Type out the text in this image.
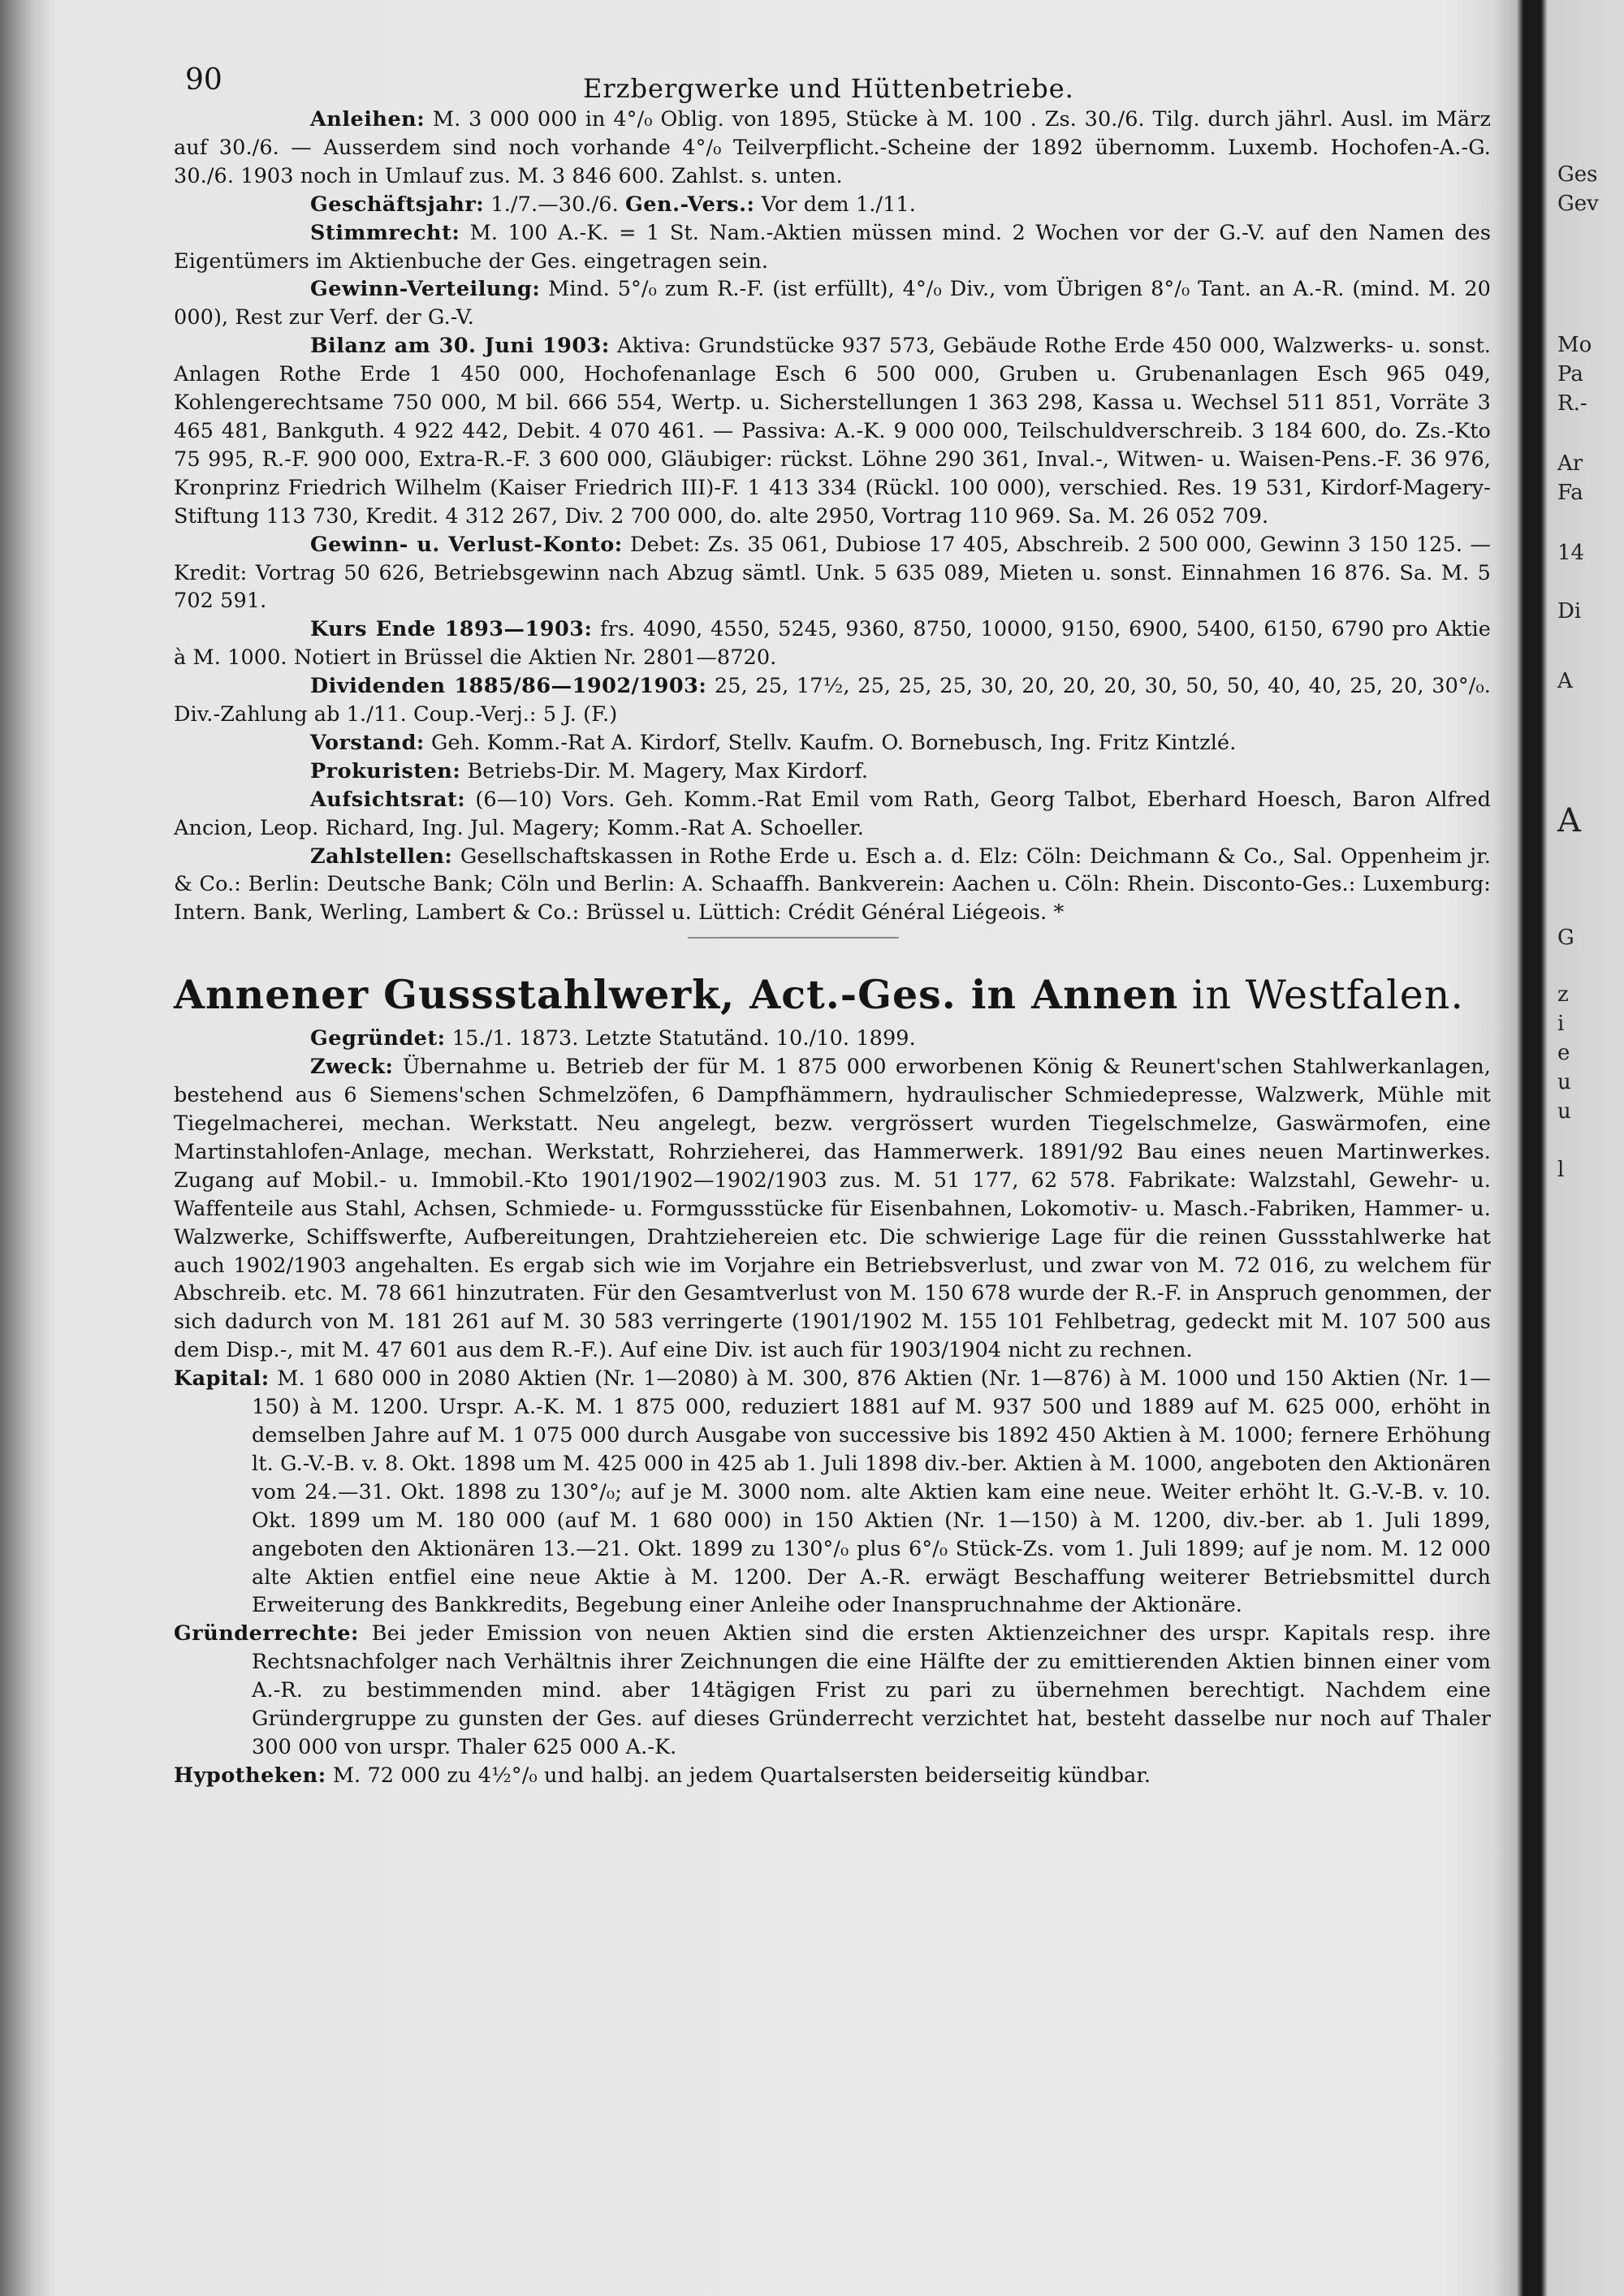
90	Erzbergwerke und Hüttenbetriebe.

Anleihen: M. 3 000 000 in 4°/₀ Oblig. von 1895, Stücke à M. 100 . Zs. 30./6. Tilg. durch jährl. Ausl. im März auf 30./6. — Ausserdem sind noch vorhande 4°/₀ Teilverpflicht.-Scheine der 1892 übernomm. Luxemb. Hochofen-A.-G. 30./6. 1903 noch in Umlauf zus. M. 3 846 600. Zahlst. s. unten.

Geschäftsjahr: 1./7.—30./6. Gen.-Vers.: Vor dem 1./11.

Stimmrecht: M. 100 A.-K. = 1 St. Nam.-Aktien müssen mind. 2 Wochen vor der G.-V. auf den Namen des Eigentümers im Aktienbuche der Ges. eingetragen sein.

Gewinn-Verteilung: Mind. 5°/₀ zum R.-F. (ist erfüllt), 4°/₀ Div., vom Übrigen 8°/₀ Tant. an A.-R. (mind. M. 20 000), Rest zur Verf. der G.-V.

Bilanz am 30. Juni 1903: Aktiva: Grundstücke 937 573, Gebäude Rothe Erde 450 000, Walzwerks- u. sonst. Anlagen Rothe Erde 1 450 000, Hochofenanlage Esch 6 500 000, Gruben u. Grubenanlagen Esch 965 049, Kohlengerechtsame 750 000, M bil. 666 554, Wertp. u. Sicherstellungen 1 363 298, Kassa u. Wechsel 511 851, Vorräte 3 465 481, Bankguth. 4 922 442, Debit. 4 070 461. — Passiva: A.-K. 9 000 000, Teilschuldverschreib. 3 184 600, do. Zs.-Kto 75 995, R.-F. 900 000, Extra-R.-F. 3 600 000, Gläubiger: rückst. Löhne 290 361, Inval.-, Witwen- u. Waisen-Pens.-F. 36 976, Kronprinz Friedrich Wilhelm (Kaiser Friedrich III)-F. 1 413 334 (Rückl. 100 000), verschied. Res. 19 531, Kirdorf-Magery-Stiftung 113 730, Kredit. 4 312 267, Div. 2 700 000, do. alte 2950, Vortrag 110 969. Sa. M. 26 052 709.

Gewinn- u. Verlust-Konto: Debet: Zs. 35 061, Dubiose 17 405, Abschreib. 2 500 000, Gewinn 3 150 125. — Kredit: Vortrag 50 626, Betriebsgewinn nach Abzug sämtl. Unk. 5 635 089, Mieten u. sonst. Einnahmen 16 876. Sa. M. 5 702 591.

Kurs Ende 1893—1903: frs. 4090, 4550, 5245, 9360, 8750, 10000, 9150, 6900, 5400, 6150, 6790 pro Aktie à M. 1000. Notiert in Brüssel die Aktien Nr. 2801—8720.

Dividenden 1885/86—1902/1903: 25, 25, 17½, 25, 25, 25, 30, 20, 20, 20, 30, 50, 50, 40, 40, 25, 20, 30°/₀. Div.-Zahlung ab 1./11. Coup.-Verj.: 5 J. (F.)

Vorstand: Geh. Komm.-Rat A. Kirdorf, Stellv. Kaufm. O. Bornebusch, Ing. Fritz Kintzlé.

Prokuristen: Betriebs-Dir. M. Magery, Max Kirdorf.

Aufsichtsrat: (6—10) Vors. Geh. Komm.-Rat Emil vom Rath, Georg Talbot, Eberhard Hoesch, Baron Alfred Ancion, Leop. Richard, Ing. Jul. Magery; Komm.-Rat A. Schoeller.

Zahlstellen: Gesellschaftskassen in Rothe Erde u. Esch a. d. Elz: Cöln: Deichmann & Co., Sal. Oppenheim jr. & Co.: Berlin: Deutsche Bank; Cöln und Berlin: A. Schaaffh. Bankverein: Aachen u. Cöln: Rhein. Disconto-Ges.: Luxemburg: Intern. Bank, Werling, Lambert & Co.: Brüssel u. Lüttich: Crédit Général Liégeois. *

Annener Gussstahlwerk, Act.-Ges. in Annen in Westfalen.

Gegründet: 15./1. 1873. Letzte Statutänd. 10./10. 1899.

Zweck: Übernahme u. Betrieb der für M. 1 875 000 erworbenen König & Reunert'schen Stahlwerkanlagen, bestehend aus 6 Siemens'schen Schmelzöfen, 6 Dampfhämmern, hydraulischer Schmiedepresse, Walzwerk, Mühle mit Tiegelmacherei, mechan. Werkstatt. Neu angelegt, bezw. vergrössert wurden Tiegelschmelze, Gaswärmofen, eine Martinstahlofen-Anlage, mechan. Werkstatt, Rohrzieherei, das Hammerwerk. 1891/92 Bau eines neuen Martinwerkes. Zugang auf Mobil.- u. Immobil.-Kto 1901/1902—1902/1903 zus. M. 51 177, 62 578. Fabrikate: Walzstahl, Gewehr- u. Waffenteile aus Stahl, Achsen, Schmiede- u. Formgussstücke für Eisenbahnen, Lokomotiv- u. Masch.-Fabriken, Hammer- u. Walzwerke, Schiffswerfte, Aufbereitungen, Drahtziehereien etc. Die schwierige Lage für die reinen Gussstahlwerke hat auch 1902/1903 angehalten. Es ergab sich wie im Vorjahre ein Betriebsverlust, und zwar von M. 72 016, zu welchem für Abschreib. etc. M. 78 661 hinzutraten. Für den Gesamtverlust von M. 150 678 wurde der R.-F. in Anspruch genommen, der sich dadurch von M. 181 261 auf M. 30 583 verringerte (1901/1902 M. 155 101 Fehlbetrag, gedeckt mit M. 107 500 aus dem Disp.-, mit M. 47 601 aus dem R.-F.). Auf eine Div. ist auch für 1903/1904 nicht zu rechnen.

Kapital: M. 1 680 000 in 2080 Aktien (Nr. 1—2080) à M. 300, 876 Aktien (Nr. 1—876) à M. 1000 und 150 Aktien (Nr. 1—150) à M. 1200. Urspr. A.-K. M. 1 875 000, reduziert 1881 auf M. 937 500 und 1889 auf M. 625 000, erhöht in demselben Jahre auf M. 1 075 000 durch Ausgabe von successive bis 1892 450 Aktien à M. 1000; fernere Erhöhung lt. G.-V.-B. v. 8. Okt. 1898 um M. 425 000 in 425 ab 1. Juli 1898 div.-ber. Aktien à M. 1000, angeboten den Aktionären vom 24.—31. Okt. 1898 zu 130°/₀; auf je M. 3000 nom. alte Aktien kam eine neue. Weiter erhöht lt. G.-V.-B. v. 10. Okt. 1899 um M. 180 000 (auf M. 1 680 000) in 150 Aktien (Nr. 1—150) à M. 1200, div.-ber. ab 1. Juli 1899, angeboten den Aktionären 13.—21. Okt. 1899 zu 130°/₀ plus 6°/₀ Stück-Zs. vom 1. Juli 1899; auf je nom. M. 12 000 alte Aktien entfiel eine neue Aktie à M. 1200. Der A.-R. erwägt Beschaffung weiterer Betriebsmittel durch Erweiterung des Bankkredits, Begebung einer Anleihe oder Inanspruchnahme der Aktionäre.

Gründerrechte: Bei jeder Emission von neuen Aktien sind die ersten Aktienzeichner des urspr. Kapitals resp. ihre Rechtsnachfolger nach Verhältnis ihrer Zeichnungen die eine Hälfte der zu emittierenden Aktien binnen einer vom A.-R. zu bestimmenden mind. aber 14tägigen Frist zu pari zu übernehmen berechtigt. Nachdem eine Gründergruppe zu gunsten der Ges. auf dieses Gründerrecht verzichtet hat, besteht dasselbe nur noch auf Thaler 300 000 von urspr. Thaler 625 000 A.-K.

Hypotheken: M. 72 000 zu 4½°/₀ und halbj. an jedem Quartalsersten beiderseitig kündbar.

Ges
Gev
Mo
Pa
R.-
Ar
Fa
14
Di
A
A
G
z
i
e
u
u
l
